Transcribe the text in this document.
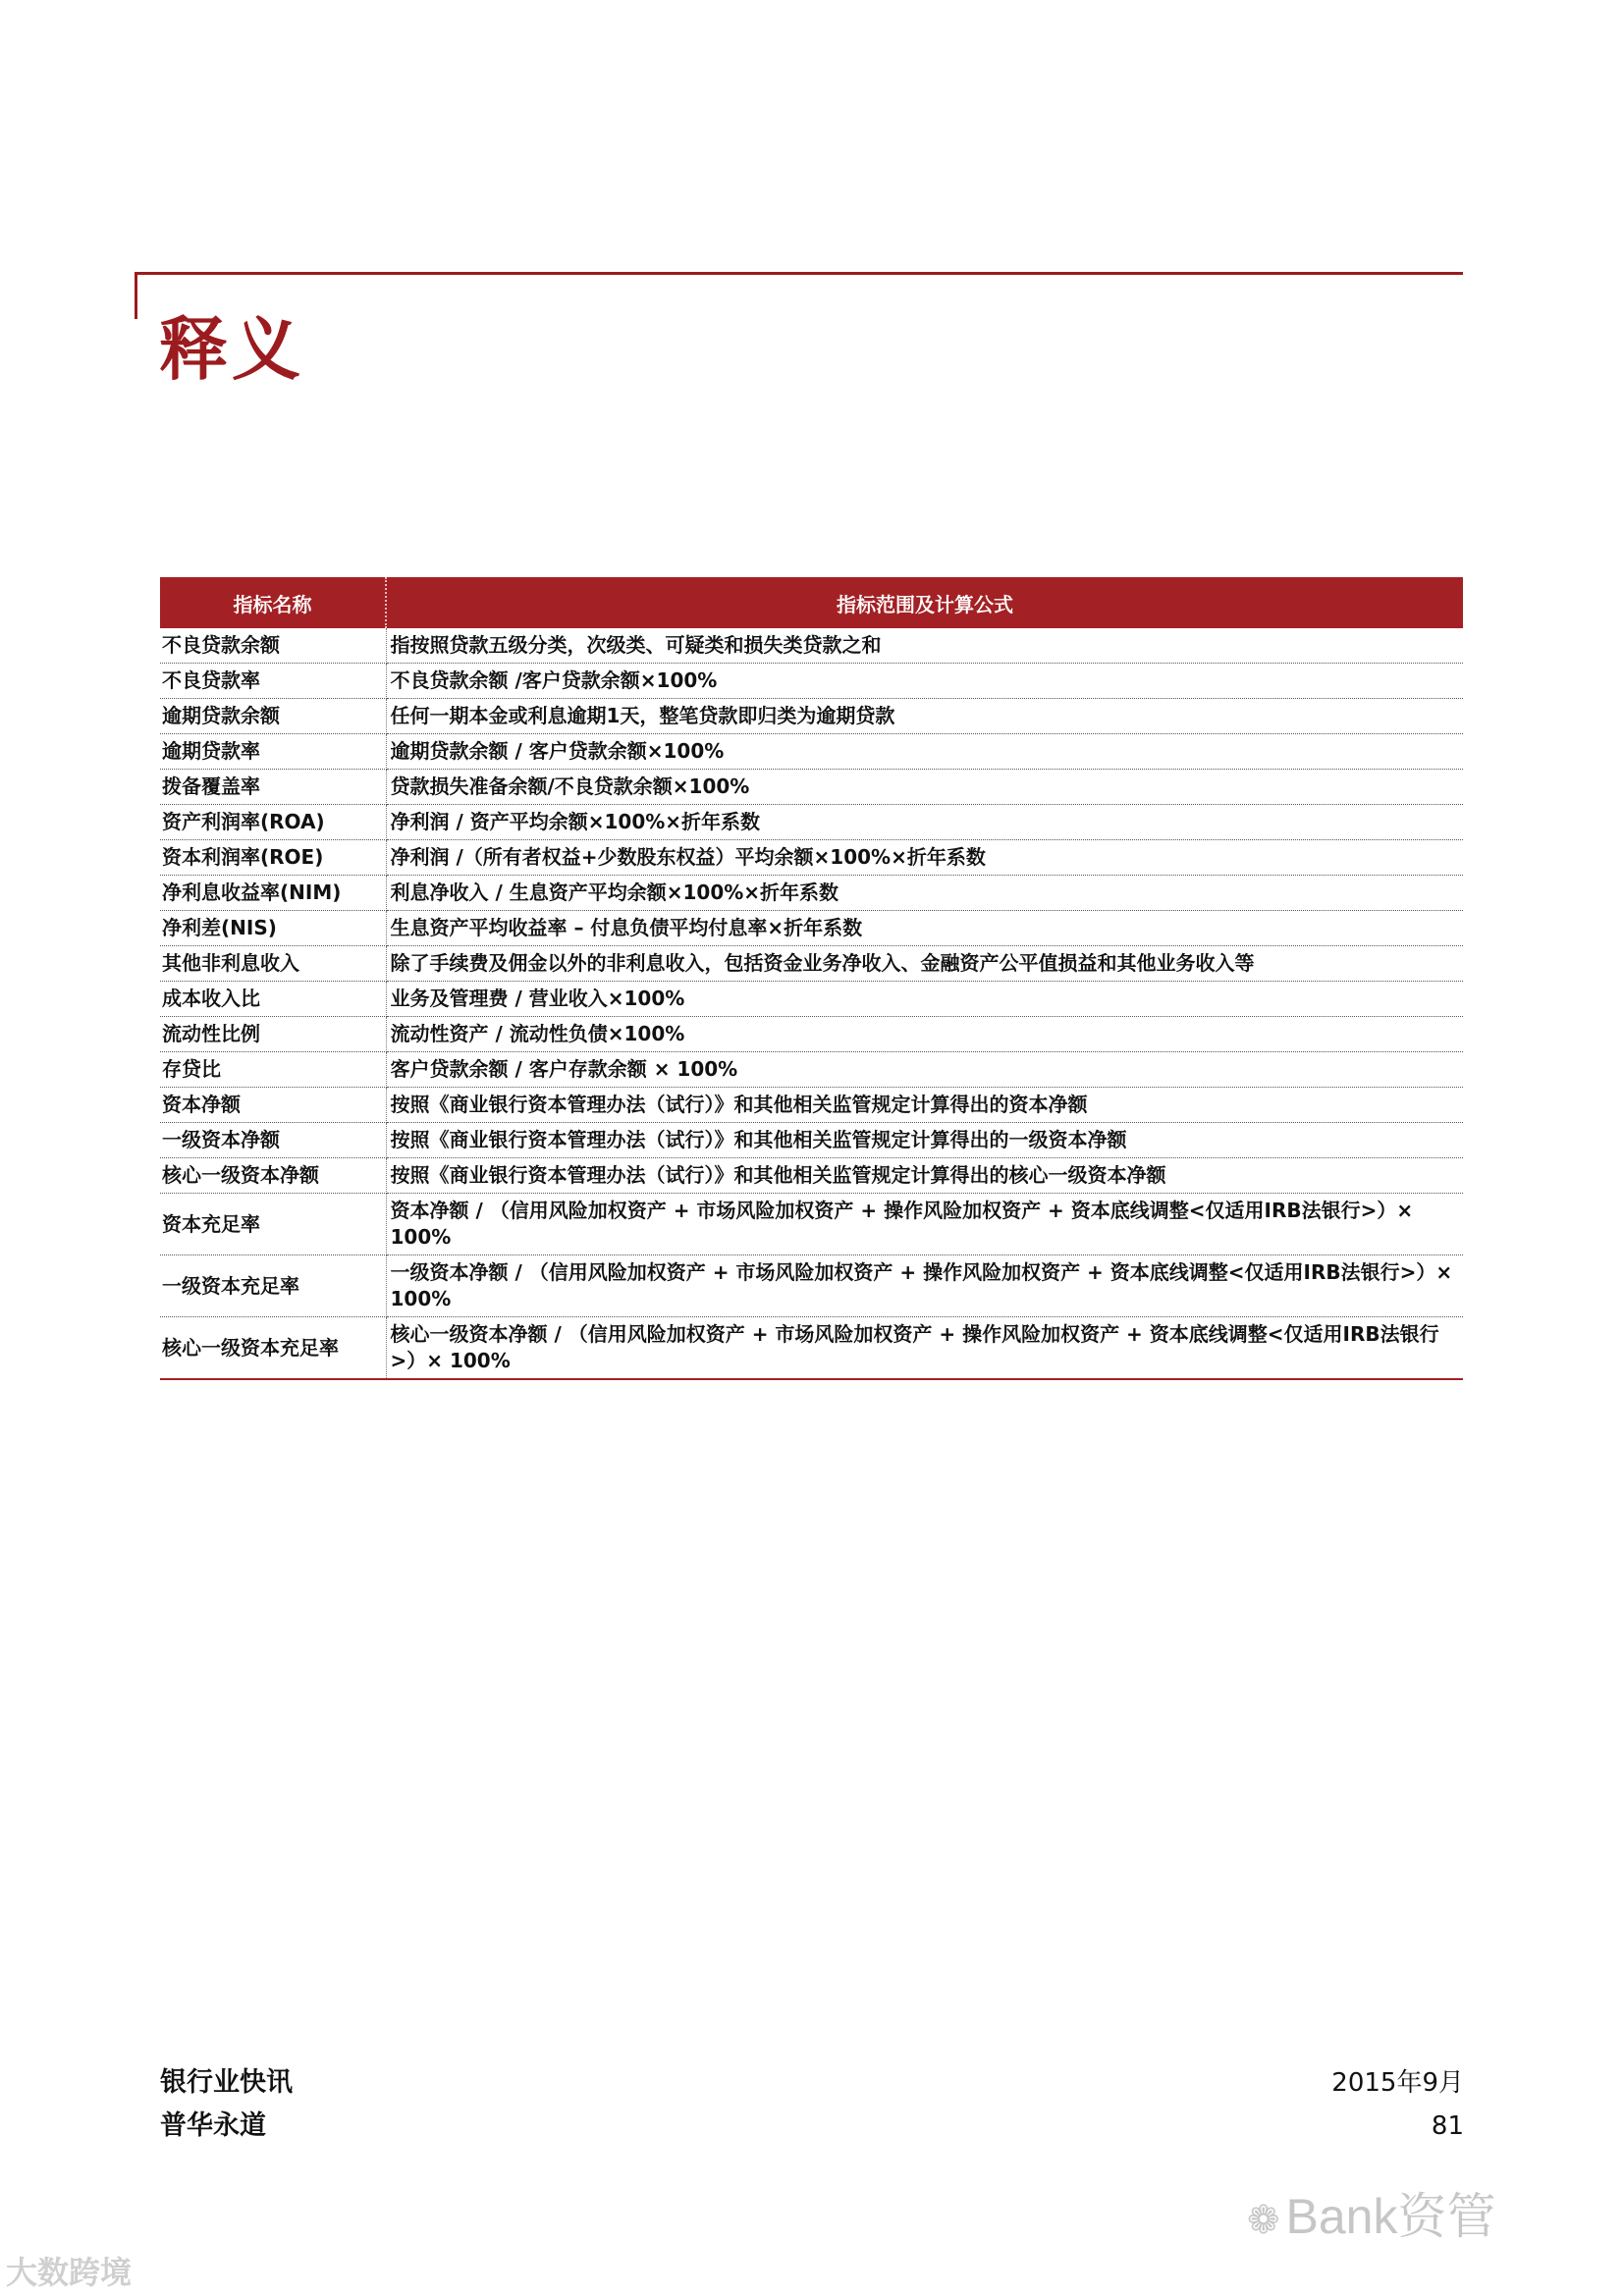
释义
指标名称	指标范围及计算公式
不良贷款余额	指按照贷款五级分类，次级类、可疑类和损失类贷款之和
不良贷款率	不良贷款余额 /客户贷款余额×100%
逾期贷款余额	任何一期本金或利息逾期1天，整笔贷款即归类为逾期贷款
逾期贷款率	逾期贷款余额 / 客户贷款余额×100%
拨备覆盖率	贷款损失准备余额/不良贷款余额×100%
资产利润率(ROA)	净利润 / 资产平均余额×100%×折年系数
资本利润率(ROE)	净利润 /（所有者权益+少数股东权益）平均余额×100%×折年系数
净利息收益率(NIM)	利息净收入 / 生息资产平均余额×100%×折年系数
净利差(NIS)	生息资产平均收益率 – 付息负债平均付息率×折年系数
其他非利息收入	除了手续费及佣金以外的非利息收入，包括资金业务净收入、金融资产公平值损益和其他业务收入等
成本收入比	业务及管理费 / 营业收入×100%
流动性比例	流动性资产 / 流动性负债×100%
存贷比	客户贷款余额 / 客户存款余额 × 100%
资本净额	按照《商业银行资本管理办法（试行）》和其他相关监管规定计算得出的资本净额
一级资本净额	按照《商业银行资本管理办法（试行）》和其他相关监管规定计算得出的一级资本净额
核心一级资本净额	按照《商业银行资本管理办法（试行）》和其他相关监管规定计算得出的核心一级资本净额
资本充足率	资本净额 / （信用风险加权资产 + 市场风险加权资产 + 操作风险加权资产 + 资本底线调整<仅适用IRB法银行>）× 100%
一级资本充足率	一级资本净额 / （信用风险加权资产 + 市场风险加权资产 + 操作风险加权资产 + 资本底线调整<仅适用IRB法银行>）× 100%
核心一级资本充足率	核心一级资本净额 / （信用风险加权资产 + 市场风险加权资产 + 操作风险加权资产 + 资本底线调整<仅适用IRB法银行>）× 100%
银行业快讯
普华永道
2015年9月
81
❁ Bank资管
大数跨境
